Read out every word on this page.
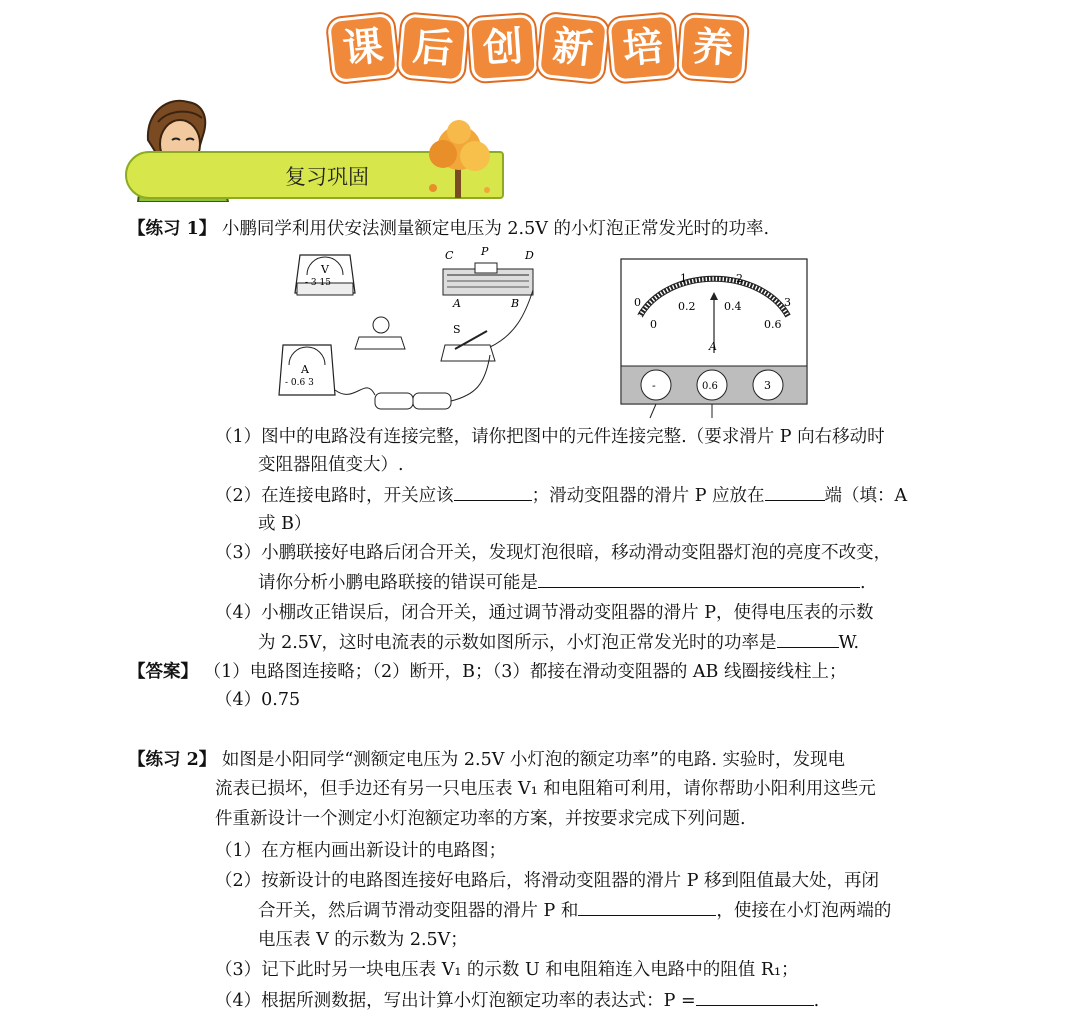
课 后 创 新 培 养
复习巩固
【练习 1】 小鹏同学利用伏安法测量额定电压为 2.5V 的小灯泡正常发光时的功率.
V
- 3 15
C	P	D
A	B
S
A
- 0.6 3
0
1	2
3
0
0.2	0.4
0.6
A
-	0.6	3
（1）图中的电路没有连接完整，请你把图中的元件连接完整.（要求滑片 P 向右移动时
变阻器阻值变大）.
（2）在连接电路时，开关应该	；滑动变阻器的滑片 P 应放在	端（填：A
或 B）
（3）小鹏联接好电路后闭合开关，发现灯泡很暗，移动滑动变阻器灯泡的亮度不改变，
请你分析小鹏电路联接的错误可能是	.
（4）小棚改正错误后，闭合开关，通过调节滑动变阻器的滑片 P，使得电压表的示数
为 2.5V，这时电流表的示数如图所示，小灯泡正常发光时的功率是	W.
【答案】 （1）电路图连接略；（2）断开，B；（3）都接在滑动变阻器的 AB 线圈接线柱上；
（4）0.75
【练习 2】 如图是小阳同学“测额定电压为 2.5V 小灯泡的额定功率”的电路. 实验时，发现电
流表已损坏，但手边还有另一只电压表 V₁ 和电阻箱可利用，请你帮助小阳利用这些元
件重新设计一个测定小灯泡额定功率的方案，并按要求完成下列问题.
（1）在方框内画出新设计的电路图；
（2）按新设计的电路图连接好电路后，将滑动变阻器的滑片 P 移到阻值最大处，再闭
合开关，然后调节滑动变阻器的滑片 P 和	，使接在小灯泡两端的
电压表 V 的示数为 2.5V；
（3）记下此时另一块电压表 V₁ 的示数 U 和电阻箱连入电路中的阻值 R₁；
（4）根据所测数据，写出计算小灯泡额定功率的表达式：P =	.
